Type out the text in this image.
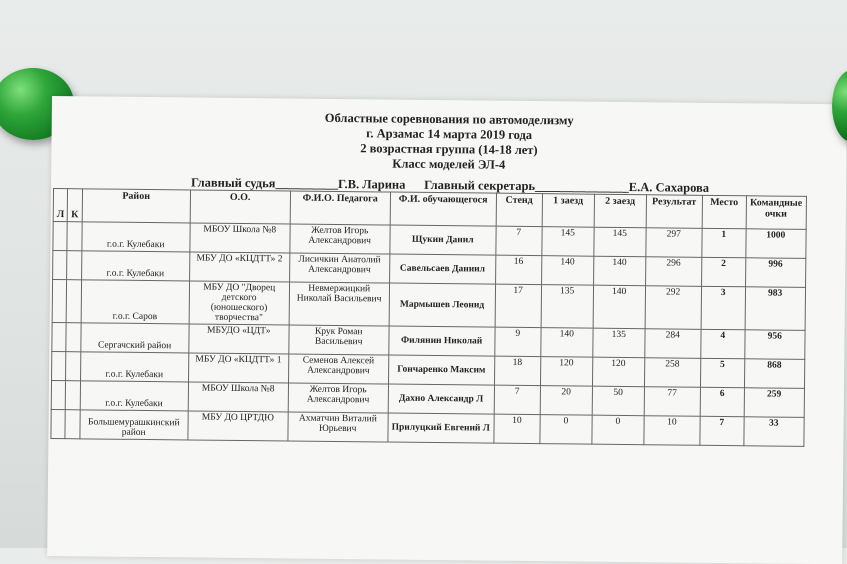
Областные соревнования по автомоделизму
г. Арзамас 14 марта 2019 года
2 возрастная группа (14-18 лет)
Класс моделей ЭЛ-4
Главный судья__________Г.В. Ларина Главный секретарь_______________Е.А. Сахарова
Л	К	Район	О.О.	Ф.И.О. Педагога	Ф.И. обучающегося	Стенд	1 заезд	2 заезд	Результат	Место	Командные очки
		г.о.г. Кулебаки	МБОУ Школа №8	Желтов Игорь Александрович	Щукин Данил	7	145	145	297	1	1000
		г.о.г. Кулебаки	МБУ ДО «КЦДТТ» 2	Лисичкин Анатолий Александрович	Савельсаев Даниил	16	140	140	296	2	996
		г.о.г. Саров	МБУ ДО "Дворец детского (юношеского) творчества"	Невмержицкий Николай Васильевич	Мармышев Леонид	17	135	140	292	3	983
		Сергачский район	МБУДО «ЦДТ»	Крук Роман Васильевич	Филянин Николай	9	140	135	284	4	956
		г.о.г. Кулебаки	МБУ ДО «КЦДТТ» 1	Семенов Алексей Александрович	Гончаренко Максим	18	120	120	258	5	868
		г.о.г. Кулебаки	МБОУ Школа №8	Желтов Игорь Александрович	Дахно Александр Л	7	20	50	77	6	259
		Большемурашкинский район	МБУ ДО ЦРТДЮ	Ахматчин Виталий Юрьевич	Прилуцкий Евгений Л	10	0	0	10	7	33
